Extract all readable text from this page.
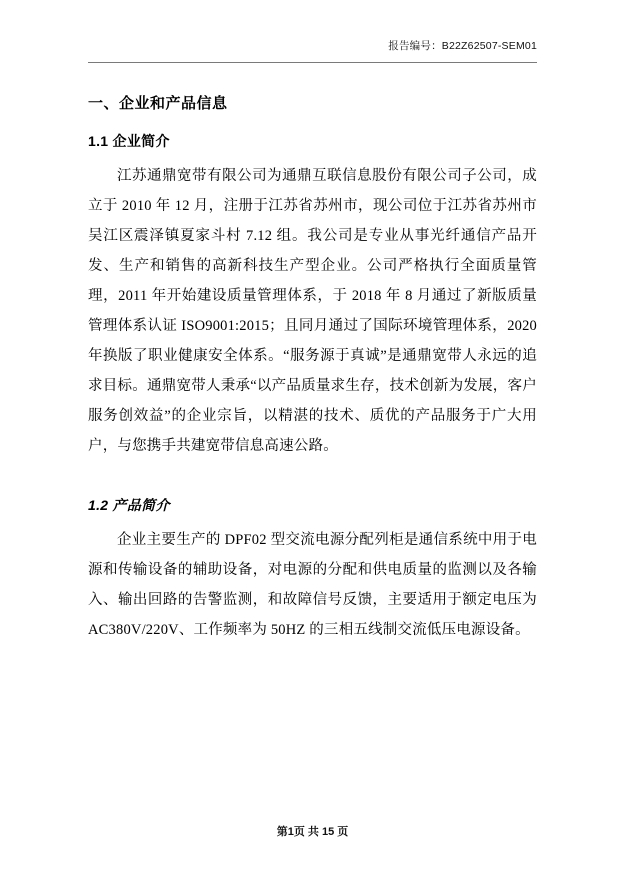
报告编号：B22Z62507-SEM01
一、企业和产品信息
1.1 企业简介

江苏通鼎宽带有限公司为通鼎互联信息股份有限公司子公司，成立于 2010 年 12 月，注册于江苏省苏州市，现公司位于江苏省苏州市吴江区震泽镇夏家斗村 7.12 组。我公司是专业从事光纤通信产品开发、生产和销售的高新科技生产型企业。公司严格执行全面质量管理，2011 年开始建设质量管理体系，于 2018 年 8 月通过了新版质量管理体系认证 ISO9001:2015；且同月通过了国际环境管理体系，2020 年换版了职业健康安全体系。“服务源于真诚”是通鼎宽带人永远的追求目标。通鼎宽带人秉承“以产品质量求生存，技术创新为发展，客户服务创效益”的企业宗旨，以精湛的技术、质优的产品服务于广大用户，与您携手共建宽带信息高速公路。

1.2 产品简介

企业主要生产的 DPF02 型交流电源分配列柜是通信系统中用于电源和传输设备的辅助设备，对电源的分配和供电质量的监测以及各输入、输出回路的告警监测，和故障信号反馈，主要适用于额定电压为 AC380V/220V、工作频率为 50HZ 的三相五线制交流低压电源设备。

第1页 共 15 页
